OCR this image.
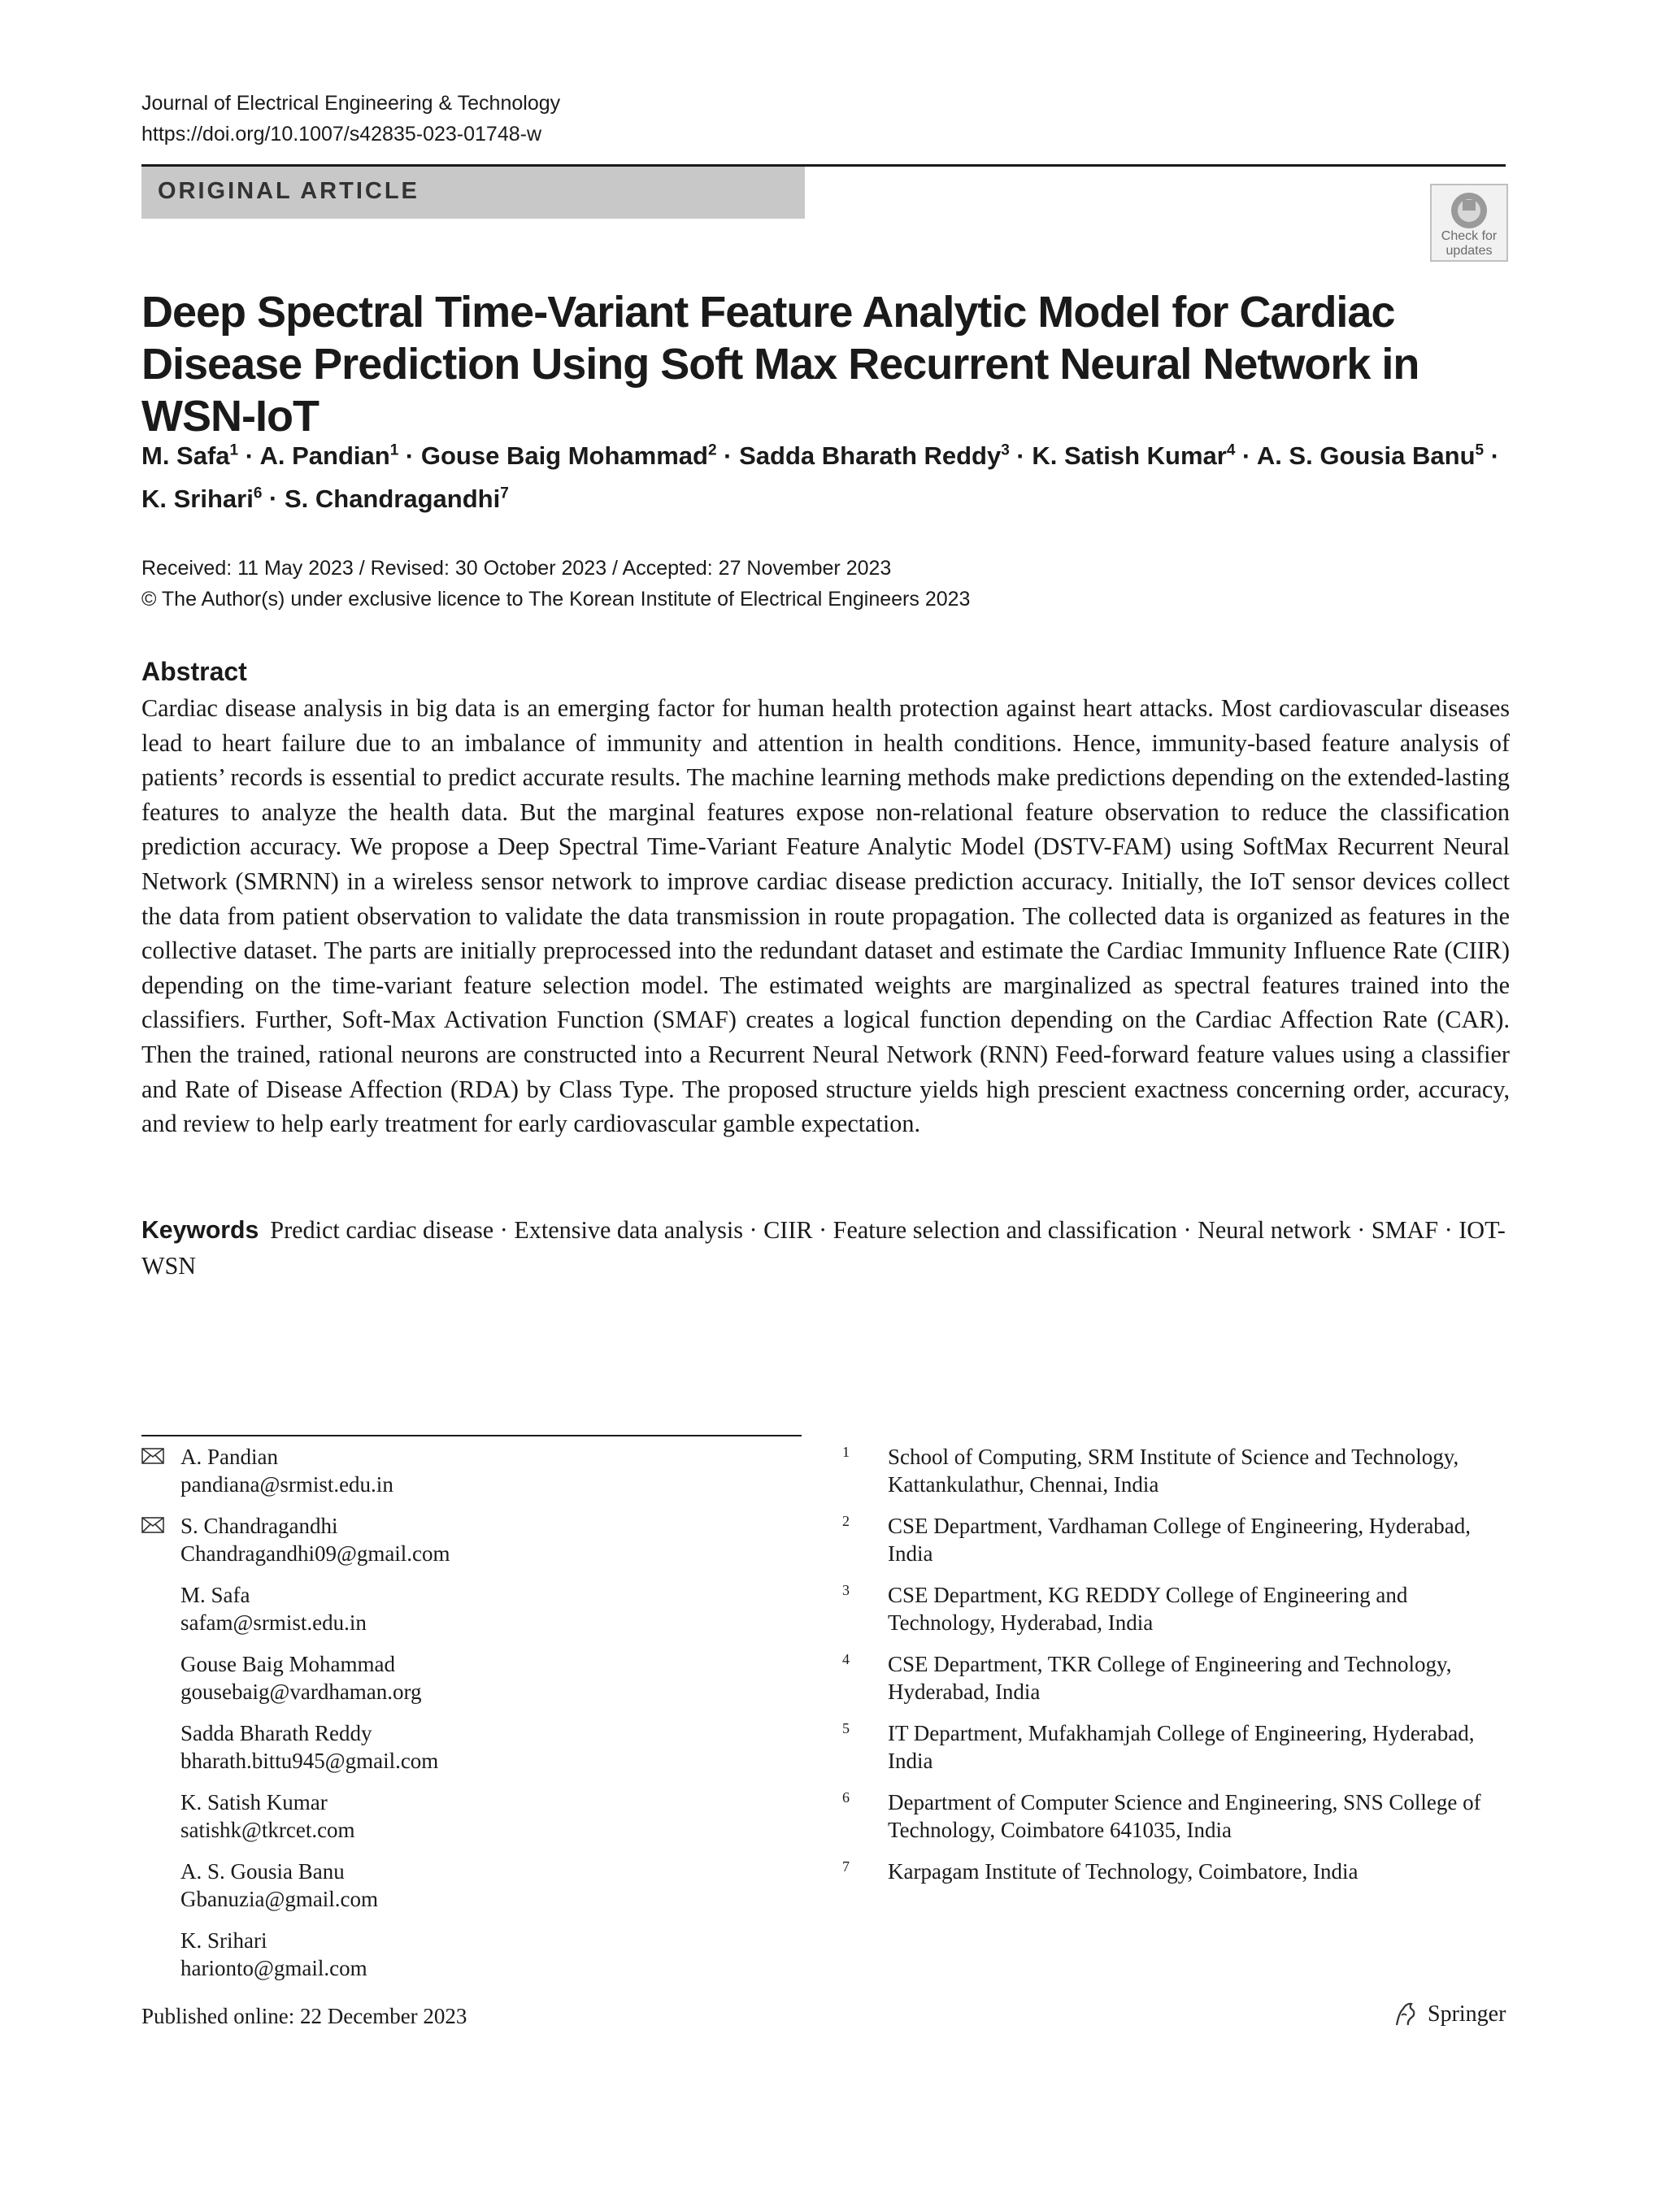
Journal of Electrical Engineering & Technology
https://doi.org/10.1007/s42835-023-01748-w
ORIGINAL ARTICLE
Check for
updates
Deep Spectral Time-Variant Feature Analytic Model for Cardiac Disease Prediction Using Soft Max Recurrent Neural Network in WSN-IoT
M. Safa$^1$ · A. Pandian$^1$ · Gouse Baig Mohammad$^2$ · Sadda Bharath Reddy$^3$ · K. Satish Kumar$^4$ · A. S. Gousia Banu$^5$ ·
K. Srihari$^6$ · S. Chandragandhi$^7$
Received: 11 May 2023 / Revised: 30 October 2023 / Accepted: 27 November 2023
© The Author(s) under exclusive licence to The Korean Institute of Electrical Engineers 2023
Abstract
Cardiac disease analysis in big data is an emerging factor for human health protection against heart attacks. Most cardiovascular diseases lead to heart failure due to an imbalance of immunity and attention in health conditions. Hence, immunity-based feature analysis of patients’ records is essential to predict accurate results. The machine learning methods make predictions depending on the extended-lasting features to analyze the health data. But the marginal features expose non-relational feature observation to reduce the classification prediction accuracy. We propose a Deep Spectral Time-Variant Feature Analytic Model (DSTV-FAM) using SoftMax Recurrent Neural Network (SMRNN) in a wireless sensor network to improve cardiac disease prediction accuracy. Initially, the IoT sensor devices collect the data from patient observation to validate the data transmission in route propagation. The collected data is organized as features in the collective dataset. The parts are initially preprocessed into the redundant dataset and estimate the Cardiac Immunity Influence Rate (CIIR) depending on the time-variant feature selection model. The estimated weights are marginalized as spectral features trained into the classifiers. Further, Soft-Max Activation Function (SMAF) creates a logical function depending on the Cardiac Affection Rate (CAR). Then the trained, rational neurons are constructed into a Recurrent Neural Network (RNN) Feed-forward feature values using a classifier and Rate of Disease Affection (RDA) by Class Type. The proposed structure yields high prescient exactness concerning order, accuracy, and review to help early treatment for early cardiovascular gamble expectation.
Keywords Predict cardiac disease · Extensive data analysis · CIIR · Feature selection and classification · Neural network · SMAF · IOT-WSN
A. Pandian
pandiana@srmist.edu.in
S. Chandragandhi
Chandragandhi09@gmail.com
M. Safa
safam@srmist.edu.in
Gouse Baig Mohammad
gousebaig@vardhaman.org
Sadda Bharath Reddy
bharath.bittu945@gmail.com
K. Satish Kumar
satishk@tkrcet.com
A. S. Gousia Banu
Gbanuzia@gmail.com
K. Srihari
harionto@gmail.com
1 School of Computing, SRM Institute of Science and Technology, Kattankulathur, Chennai, India
2 CSE Department, Vardhaman College of Engineering, Hyderabad, India
3 CSE Department, KG REDDY College of Engineering and Technology, Hyderabad, India
4 CSE Department, TKR College of Engineering and Technology, Hyderabad, India
5 IT Department, Mufakhamjah College of Engineering, Hyderabad, India
6 Department of Computer Science and Engineering, SNS College of Technology, Coimbatore 641035, India
7 Karpagam Institute of Technology, Coimbatore, India
Published online: 22 December 2023	Springer
